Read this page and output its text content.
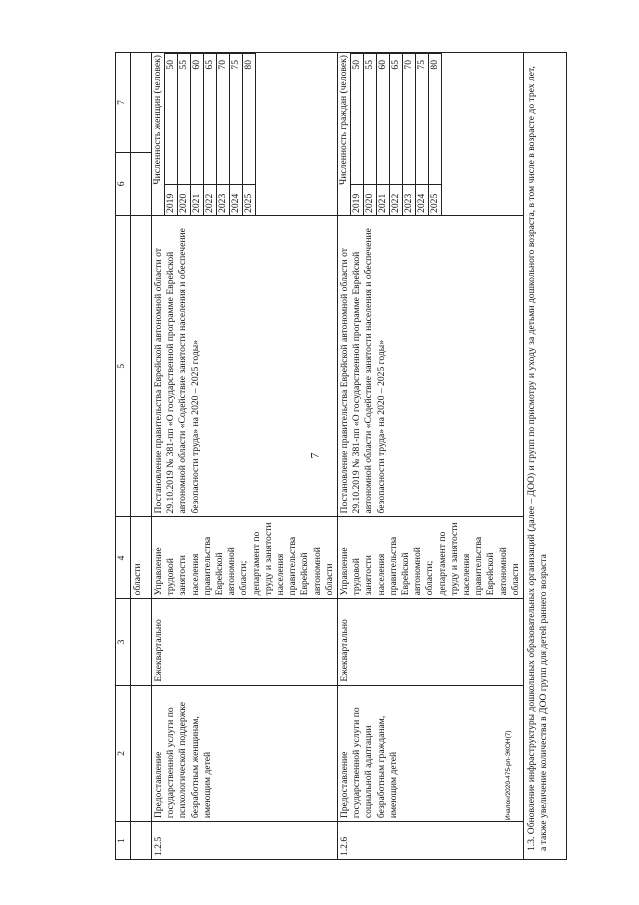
7
Ичалон/2020-475-рп-ЭКОН(7)
1	2	3	4	5	6	7
			области			
1.2.5	Предоставление государственной услуги по психологической поддержке безработным женщинам, имеющим детей	Ежеквартально	Управление трудовой занятости населения правительства Еврейской автономной области; департамент по труду и занятости населения правительства Еврейской автономной области	Постановление правительства Еврейской автономной области от 29.10.2019 № 381-пп «О государственной программе Еврейской автономной области «Содействие занятости населения и обеспечение безопасности труда» на 2020 – 2025 годы»	
Численность женщин (человек)
2019	50
2020	55
2021	60
2022	65
2023	70
2024	75
2025	80

1.2.6	Предоставление государственной услуги по социальной адаптации безработным гражданам, имеющим детей	Ежеквартально	Управление трудовой занятости населения правительства Еврейской автономной области; департамент по труду и занятости населения правительства Еврейской автономной области	Постановление правительства Еврейской автономной области от 29.10.2019 № 381-пп «О государственной программе Еврейской автономной области «Содействие занятости населения и обеспечение безопасности труда» на 2020 – 2025 годы»	
Численность граждан (человек)
2019	50
2020	55
2021	60
2022	65
2023	70
2024	75
2025	80

1.3. Обновление инфраструктуры дошкольных образовательных организаций (далее – ДОО) и групп по присмотру и уходу за детьми дошкольного возраста, в том числе в возрасте до трех лет, а также увеличение количества в ДОО групп для детей раннего возраста
